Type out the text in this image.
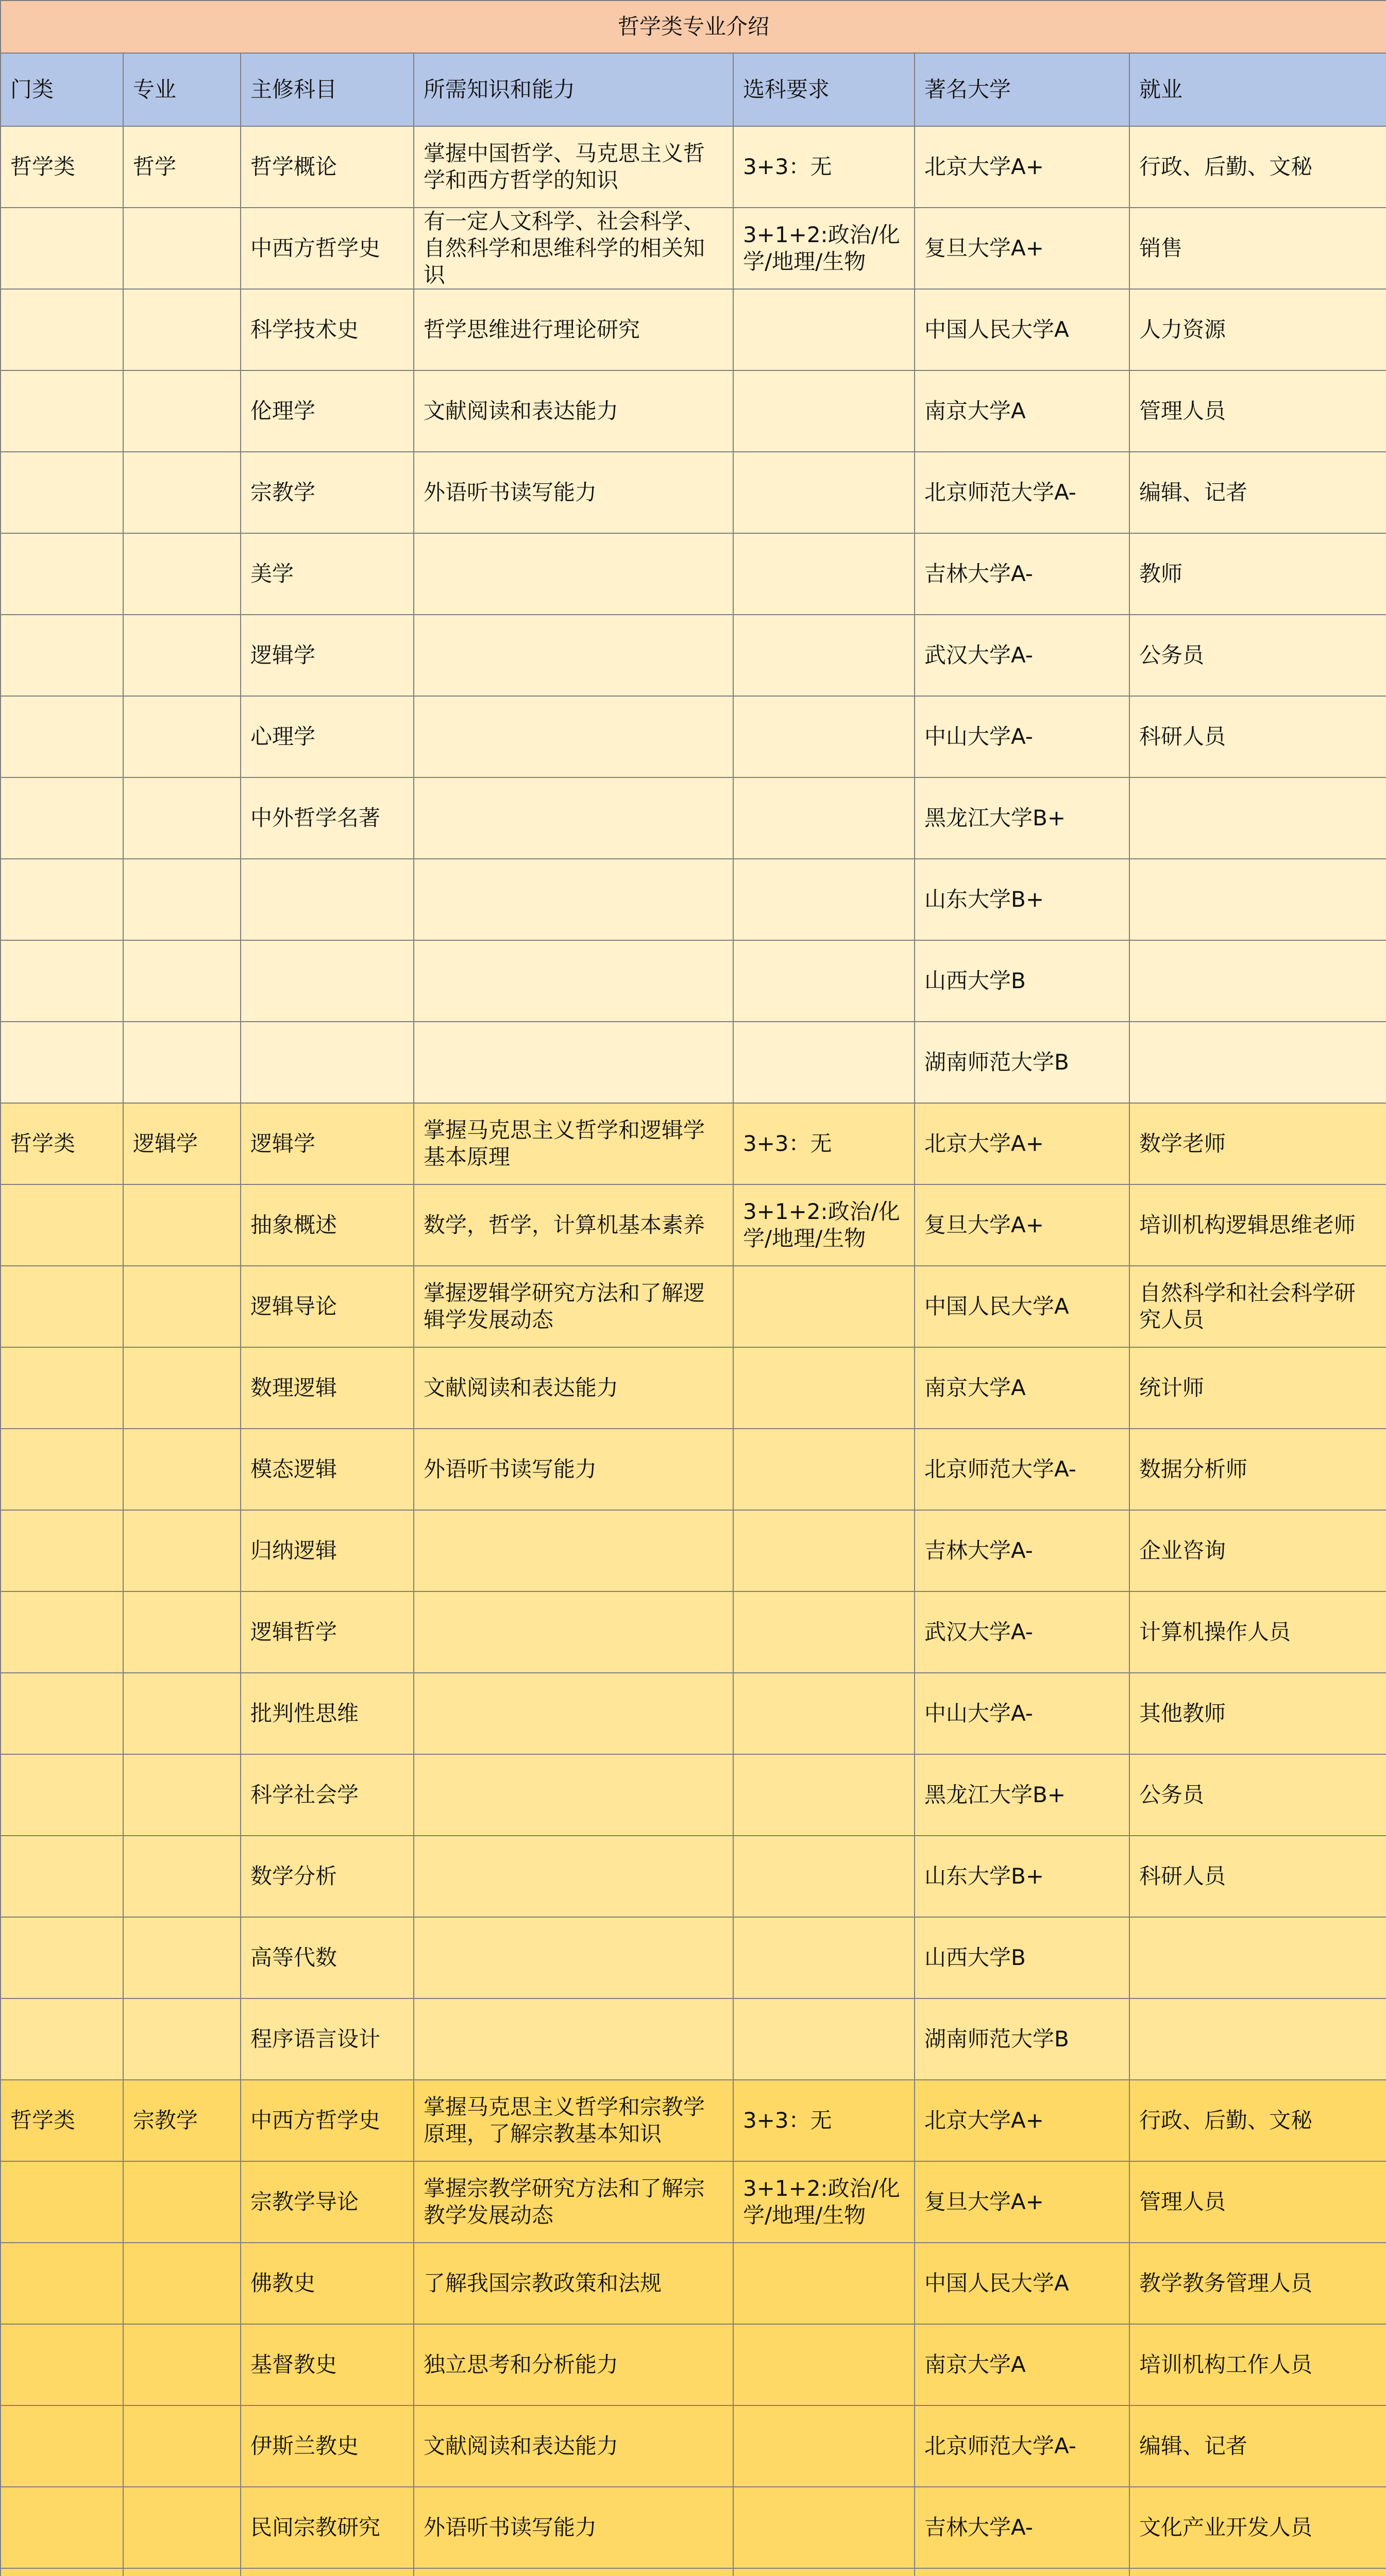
哲学类专业介绍						
门类	专业	主修科目	所需知识和能力	选科要求	著名大学	就业
哲学类	哲学	哲学概论	掌握中国哲学、马克思主义哲学和西方哲学的知识	3+3：无	北京大学A+	行政、后勤、文秘
		中西方哲学史	有一定人文科学、社会科学、自然科学和思维科学的相关知识	3+1+2:政治/化学/地理/生物	复旦大学A+	销售
		科学技术史	哲学思维进行理论研究		中国人民大学A	人力资源
		伦理学	文献阅读和表达能力		南京大学A	管理人员
		宗教学	外语听书读写能力		北京师范大学A-	编辑、记者
		美学			吉林大学A-	教师
		逻辑学			武汉大学A-	公务员
		心理学			中山大学A-	科研人员
		中外哲学名著			黑龙江大学B+	
					山东大学B+	
					山西大学B	
					湖南师范大学B	
哲学类	逻辑学	逻辑学	掌握马克思主义哲学和逻辑学基本原理	3+3：无	北京大学A+	数学老师
		抽象概述	数学，哲学，计算机基本素养	3+1+2:政治/化学/地理/生物	复旦大学A+	培训机构逻辑思维老师
		逻辑导论	掌握逻辑学研究方法和了解逻辑学发展动态		中国人民大学A	自然科学和社会科学研究人员
		数理逻辑	文献阅读和表达能力		南京大学A	统计师
		模态逻辑	外语听书读写能力		北京师范大学A-	数据分析师
		归纳逻辑			吉林大学A-	企业咨询
		逻辑哲学			武汉大学A-	计算机操作人员
		批判性思维			中山大学A-	其他教师
		科学社会学			黑龙江大学B+	公务员
		数学分析			山东大学B+	科研人员
		高等代数			山西大学B	
		程序语言设计			湖南师范大学B	
哲学类	宗教学	中西方哲学史	掌握马克思主义哲学和宗教学原理，了解宗教基本知识	3+3：无	北京大学A+	行政、后勤、文秘
		宗教学导论	掌握宗教学研究方法和了解宗教学发展动态	3+1+2:政治/化学/地理/生物	复旦大学A+	管理人员
		佛教史	了解我国宗教政策和法规		中国人民大学A	教学教务管理人员
		基督教史	独立思考和分析能力		南京大学A	培训机构工作人员
		伊斯兰教史	文献阅读和表达能力		北京师范大学A-	编辑、记者
		民间宗教研究	外语听书读写能力		吉林大学A-	文化产业开发人员
